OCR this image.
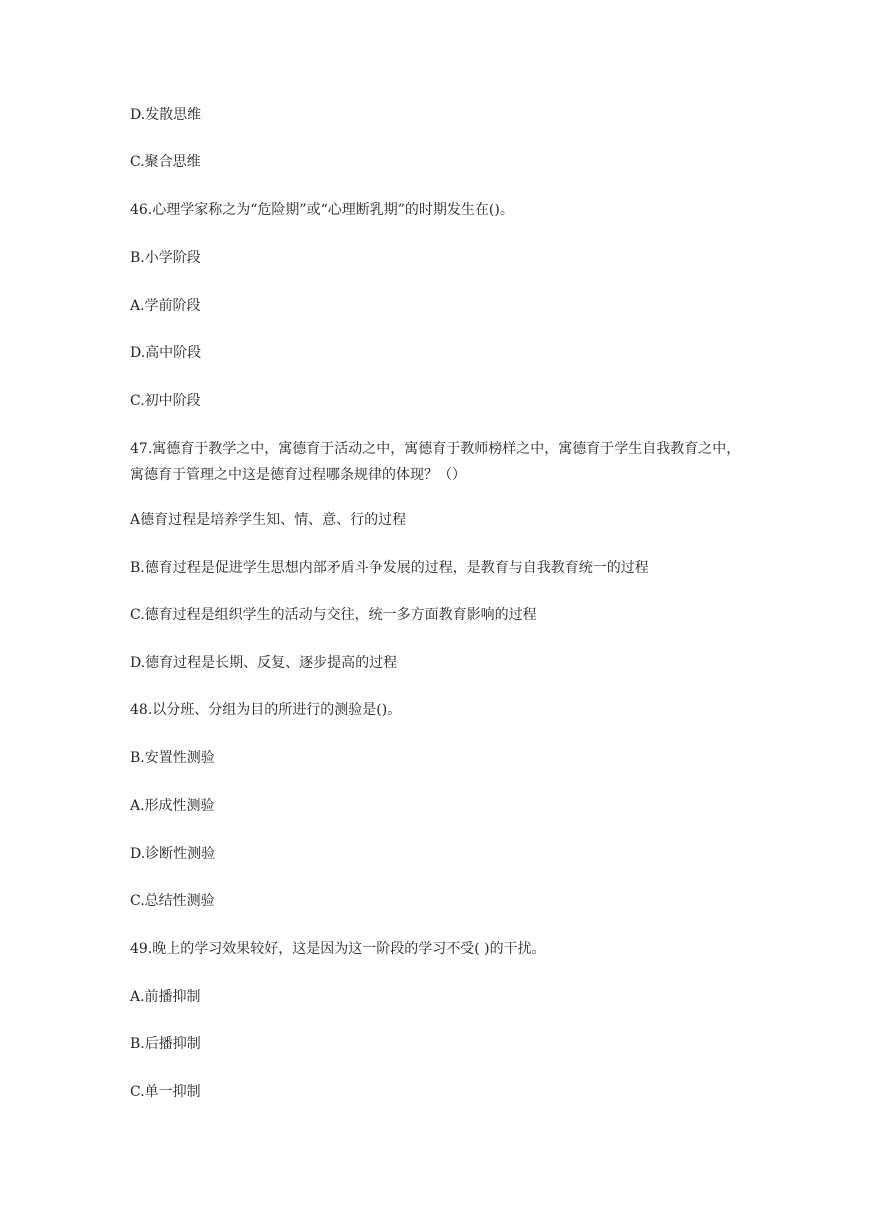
D.发散思维
C.聚合思维
46.心理学家称之为“危险期”或“心理断乳期”的时期发生在()。
B.小学阶段
A.学前阶段
D.高中阶段
C.初中阶段
47.寓德育于教学之中，寓德育于活动之中，寓德育于教师榜样之中，寓德育于学生自我教育之中，寓德育于管理之中这是德育过程哪条规律的体现？（）
A德育过程是培养学生知、情、意、行的过程
B.德育过程是促进学生思想内部矛盾斗争发展的过程，是教育与自我教育统一的过程
C.德育过程是组织学生的活动与交往，统一多方面教育影响的过程
D.德育过程是长期、反复、逐步提高的过程
48.以分班、分组为目的所进行的测验是()。
B.安置性测验
A.形成性测验
D.诊断性测验
C.总结性测验
49.晚上的学习效果较好，这是因为这一阶段的学习不受( )的干扰。
A.前播抑制
B.后播抑制
C.单一抑制
